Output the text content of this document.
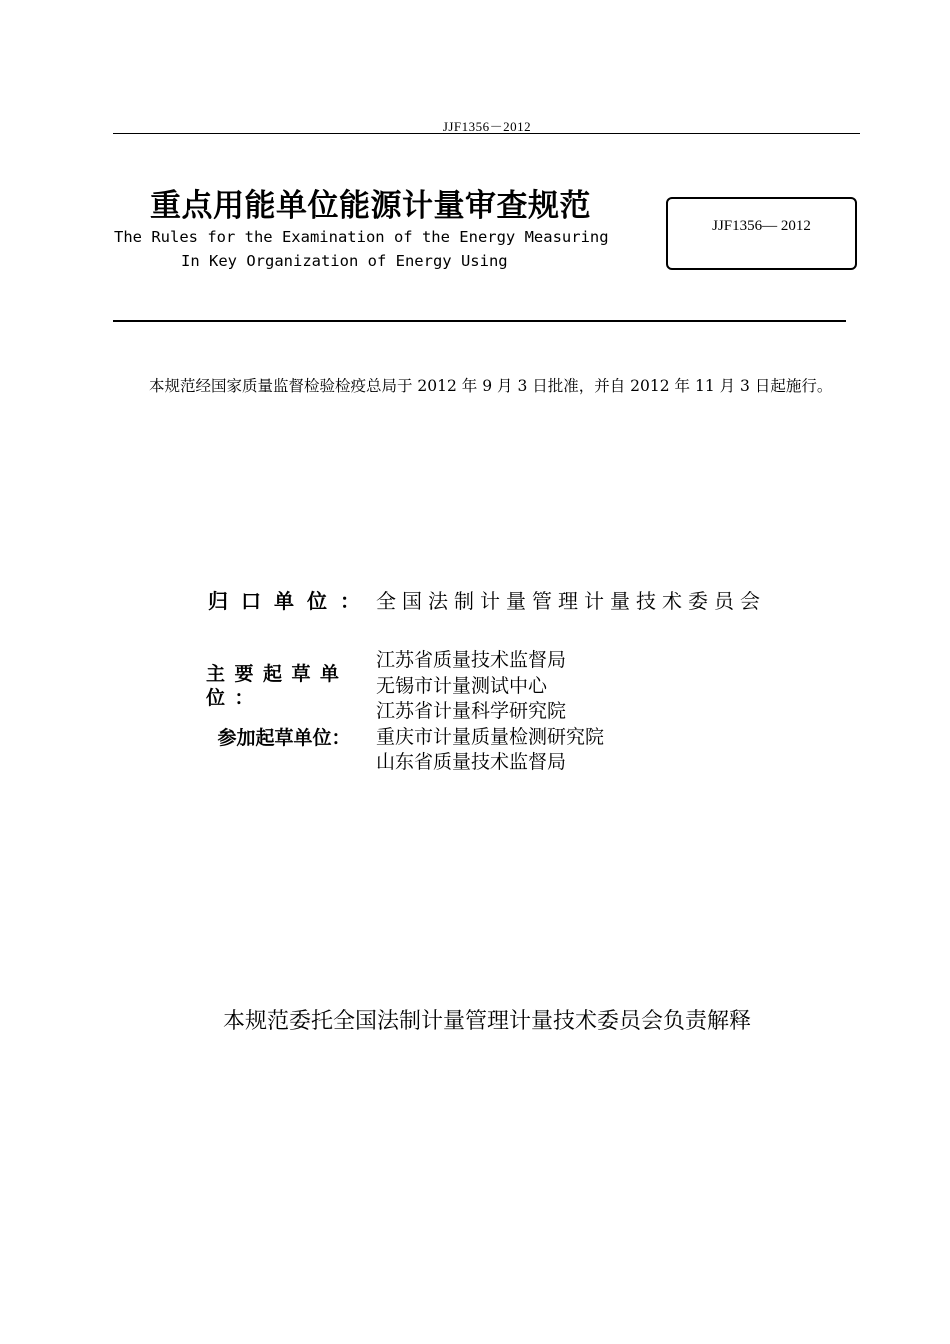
JJF1356－2012
重点用能单位能源计量审查规范
The Rules for the Examination of the Energy Measuring
In Key Organization of Energy Using
JJF1356— 2012
本规范经国家质量监督检验检疫总局于 2012 年 9 月 3 日批准，并自 2012 年 11 月 3 日起施行。
归口单位： 全国法制计量管理计量技术委员会
主要起草单位：
参加起草单位：
江苏省质量技术监督局
无锡市计量测试中心
江苏省计量科学研究院
重庆市计量质量检测研究院
山东省质量技术监督局
本规范委托全国法制计量管理计量技术委员会负责解释
